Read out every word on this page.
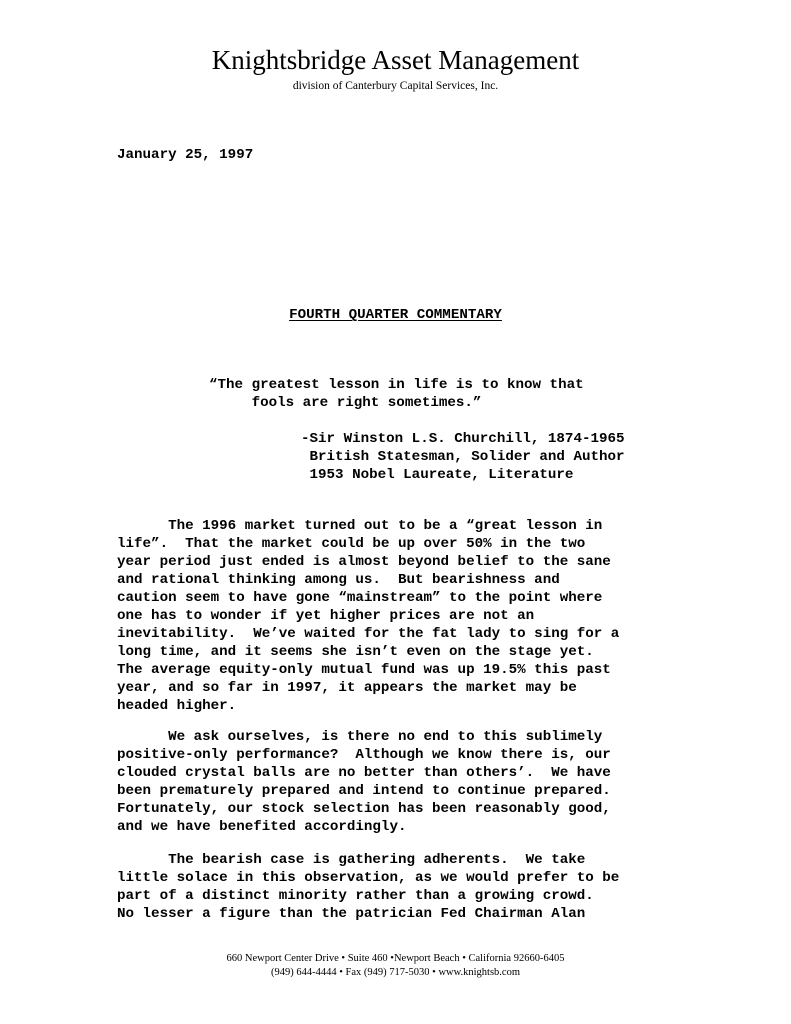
Knightsbridge Asset Management
division of Canterbury Capital Services, Inc.
January 25, 1997
FOURTH QUARTER COMMENTARY
“The greatest lesson in life is to know that
fools are right sometimes.”
-Sir Winston L.S. Churchill, 1874-1965
British Statesman, Solider and Author
1953 Nobel Laureate, Literature
The 1996 market turned out to be a “great lesson in
life”.  That the market could be up over 50% in the two
year period just ended is almost beyond belief to the sane
and rational thinking among us.  But bearishness and
caution seem to have gone “mainstream” to the point where
one has to wonder if yet higher prices are not an
inevitability.  We’ve waited for the fat lady to sing for a
long time, and it seems she isn’t even on the stage yet.
The average equity-only mutual fund was up 19.5% this past
year, and so far in 1997, it appears the market may be
headed higher.
We ask ourselves, is there no end to this sublimely
positive-only performance?  Although we know there is, our
clouded crystal balls are no better than others’.  We have
been prematurely prepared and intend to continue prepared.
Fortunately, our stock selection has been reasonably good,
and we have benefited accordingly.
The bearish case is gathering adherents.  We take
little solace in this observation, as we would prefer to be
part of a distinct minority rather than a growing crowd.
No lesser a figure than the patrician Fed Chairman Alan
660 Newport Center Drive • Suite 460 •Newport Beach • California 92660-6405
(949) 644-4444 • Fax (949) 717-5030 • www.knightsb.com
